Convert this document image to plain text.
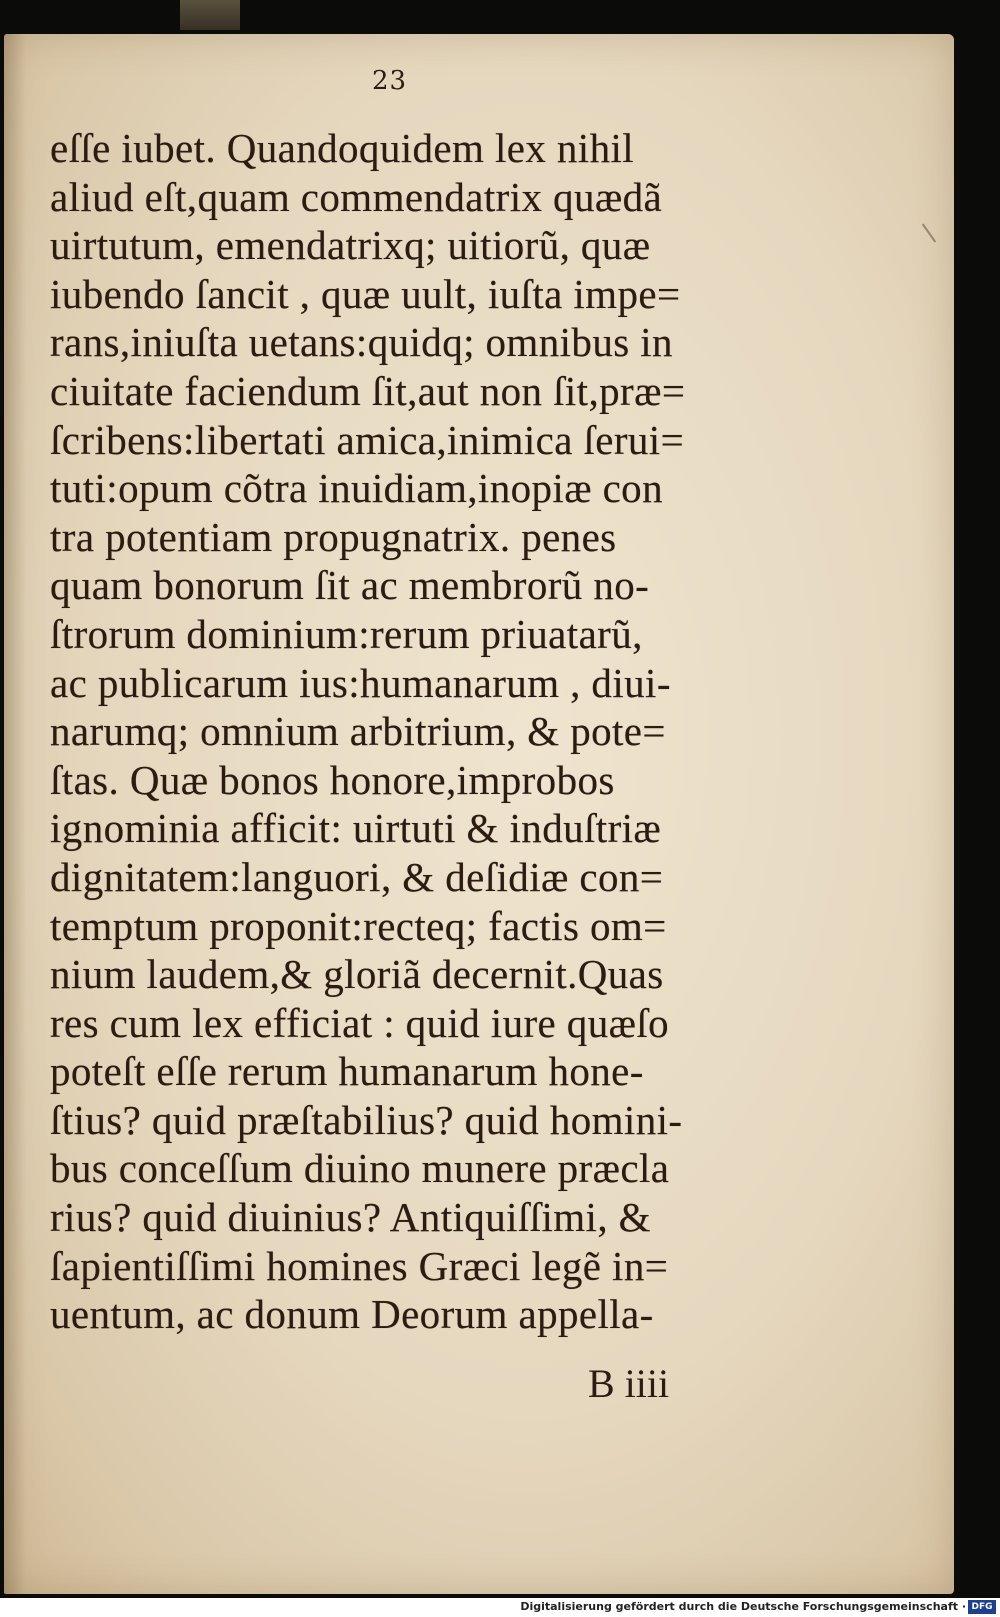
23
eſſe iubet. Quandoquidem lex nihil
aliud eſt,quam commendatrix quædã
uirtutum, emendatrixq; uitiorũ, quæ
iubendo ſancit , quæ uult, iuſta impe=
rans,iniuſta uetans:quidq; omnibus in
ciuitate faciendum ſit,aut non ſit,præ=
ſcribens:libertati amica,inimica ſerui=
tuti:opum cõtra inuidiam,inopiæ con
tra potentiam propugnatrix. penes
quam bonorum ſit ac membrorũ no-
ſtrorum dominium:rerum priuatarũ,
ac publicarum ius:humanarum , diui-
narumq; omnium arbitrium, & pote=
ſtas. Quæ bonos honore,improbos
ignominia afficit: uirtuti & induſtriæ
dignitatem:languori, & deſidiæ con=
temptum proponit:recteq; factis om=
nium laudem,& gloriã decernit.Quas
res cum lex efficiat : quid iure quæſo
poteſt eſſe rerum humanarum hone-
ſtius? quid præſtabilius? quid homini-
bus conceſſum diuino munere præcla
rius? quid diuinius? Antiquiſſimi, &
ſapientiſſimi homines Græci legẽ in=
uentum, ac donum Deorum appella-
B iiii
Digitalisierung gefördert durch die Deutsche Forschungsgemeinschaft · DFG
